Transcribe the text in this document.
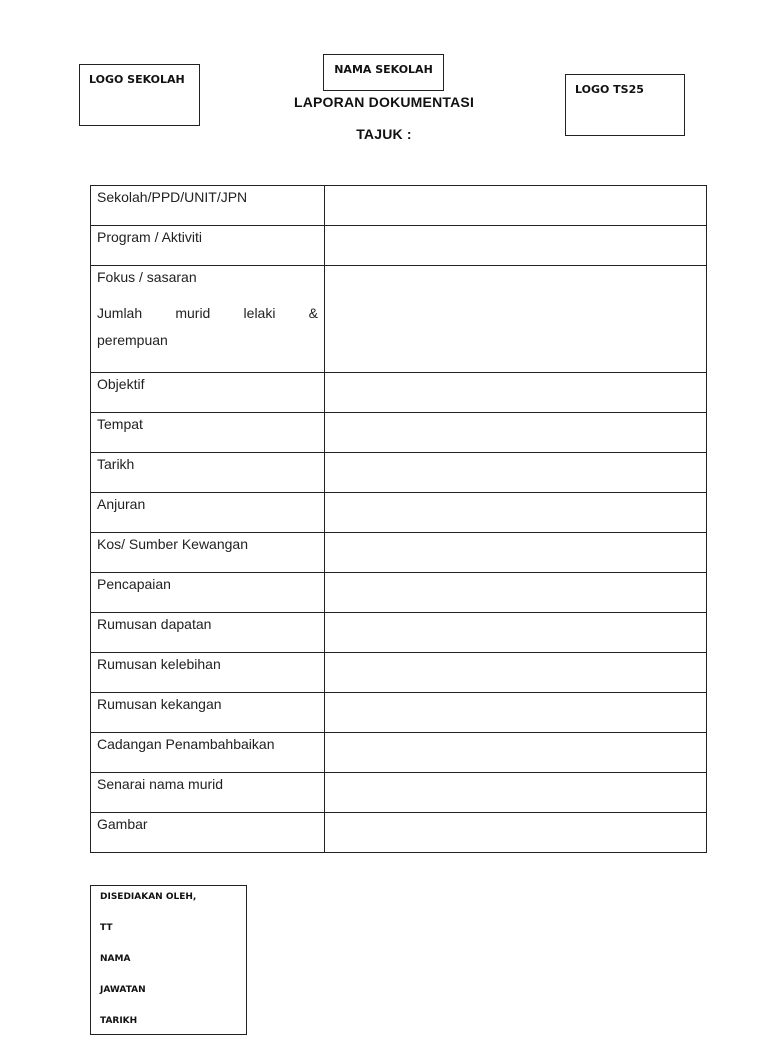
LOGO SEKOLAH
NAMA SEKOLAH
LOGO TS25
LAPORAN DOKUMENTASI
TAJUK :
Sekolah/PPD/UNIT/JPN	
Program / Aktiviti	

Fokus / sasaran
Jumlah murid lelaki &
perempuan	

Objektif	
Tempat	
Tarikh	
Anjuran	
Kos/ Sumber Kewangan	
Pencapaian	
Rumusan dapatan	
Rumusan kelebihan	
Rumusan kekangan	
Cadangan Penambahbaikan	
Senarai nama murid	
Gambar	
DISEDIAKAN OLEH,
TT
NAMA
JAWATAN
TARIKH
